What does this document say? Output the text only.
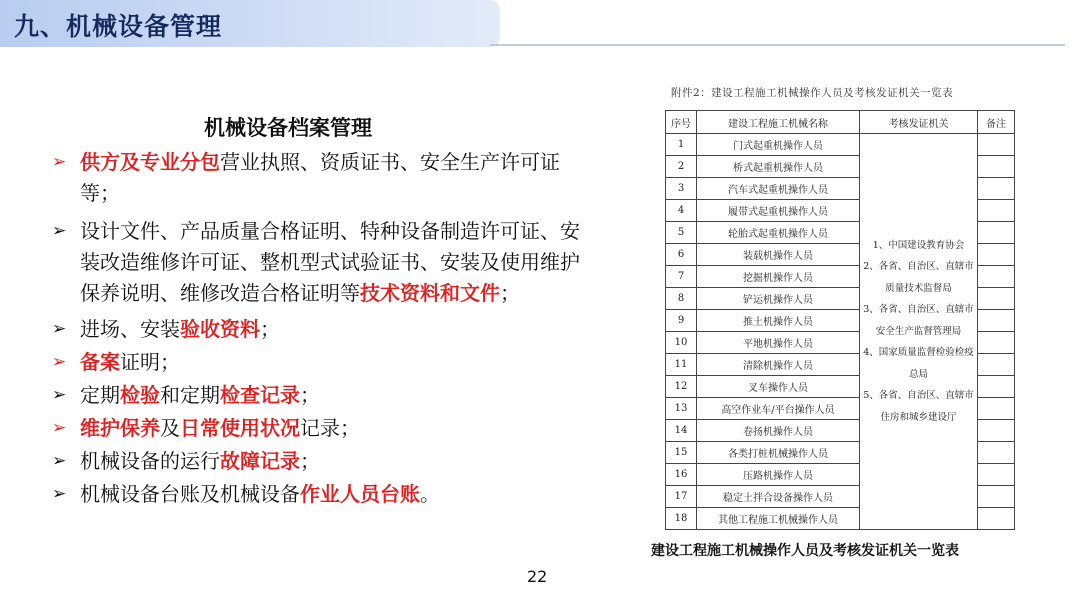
九、机械设备管理
机械设备档案管理
➢ 供方及专业分包营业执照、资质证书、安全生产许可证等；
➢ 设计文件、产品质量合格证明、特种设备制造许可证、安装改造维修许可证、整机型式试验证书、安装及使用维护保养说明、维修改造合格证明等技术资料和文件；
➢ 进场、安装验收资料；
➢ 备案证明；
➢ 定期检验和定期检查记录；
➢ 维护保养及日常使用状况记录；
➢ 机械设备的运行故障记录；
➢ 机械设备台账及机械设备作业人员台账。
附件2：建设工程施工机械操作人员及考核发证机关一览表
序号	建设工程施工机械名称	考核发证机关	备注
1	门式起重机操作人员	1、中国建设教育协会
2、各省、自治区、直辖市质量技术监督局
3、各省、自治区、直辖市安全生产监督管理局
4、国家质量监督检验检疫总局
5、各省、自治区、直辖市住房和城乡建设厅	

2	桥式起重机操作人员		
3	汽车式起重机操作人员		
4	履带式起重机操作人员		
5	轮胎式起重机操作人员		
6	装载机操作人员		
7	挖掘机操作人员		
8	铲运机操作人员		
9	推土机操作人员		
10	平地机操作人员		
11	清除机操作人员		
12	叉车操作人员		
13	高空作业车/平台操作人员		
14	卷扬机操作人员		
15	各类打桩机械操作人员		
16	压路机操作人员		
17	稳定土拌合设备操作人员		
18	其他工程施工机械操作人员		
建设工程施工机械操作人员及考核发证机关一览表
22
